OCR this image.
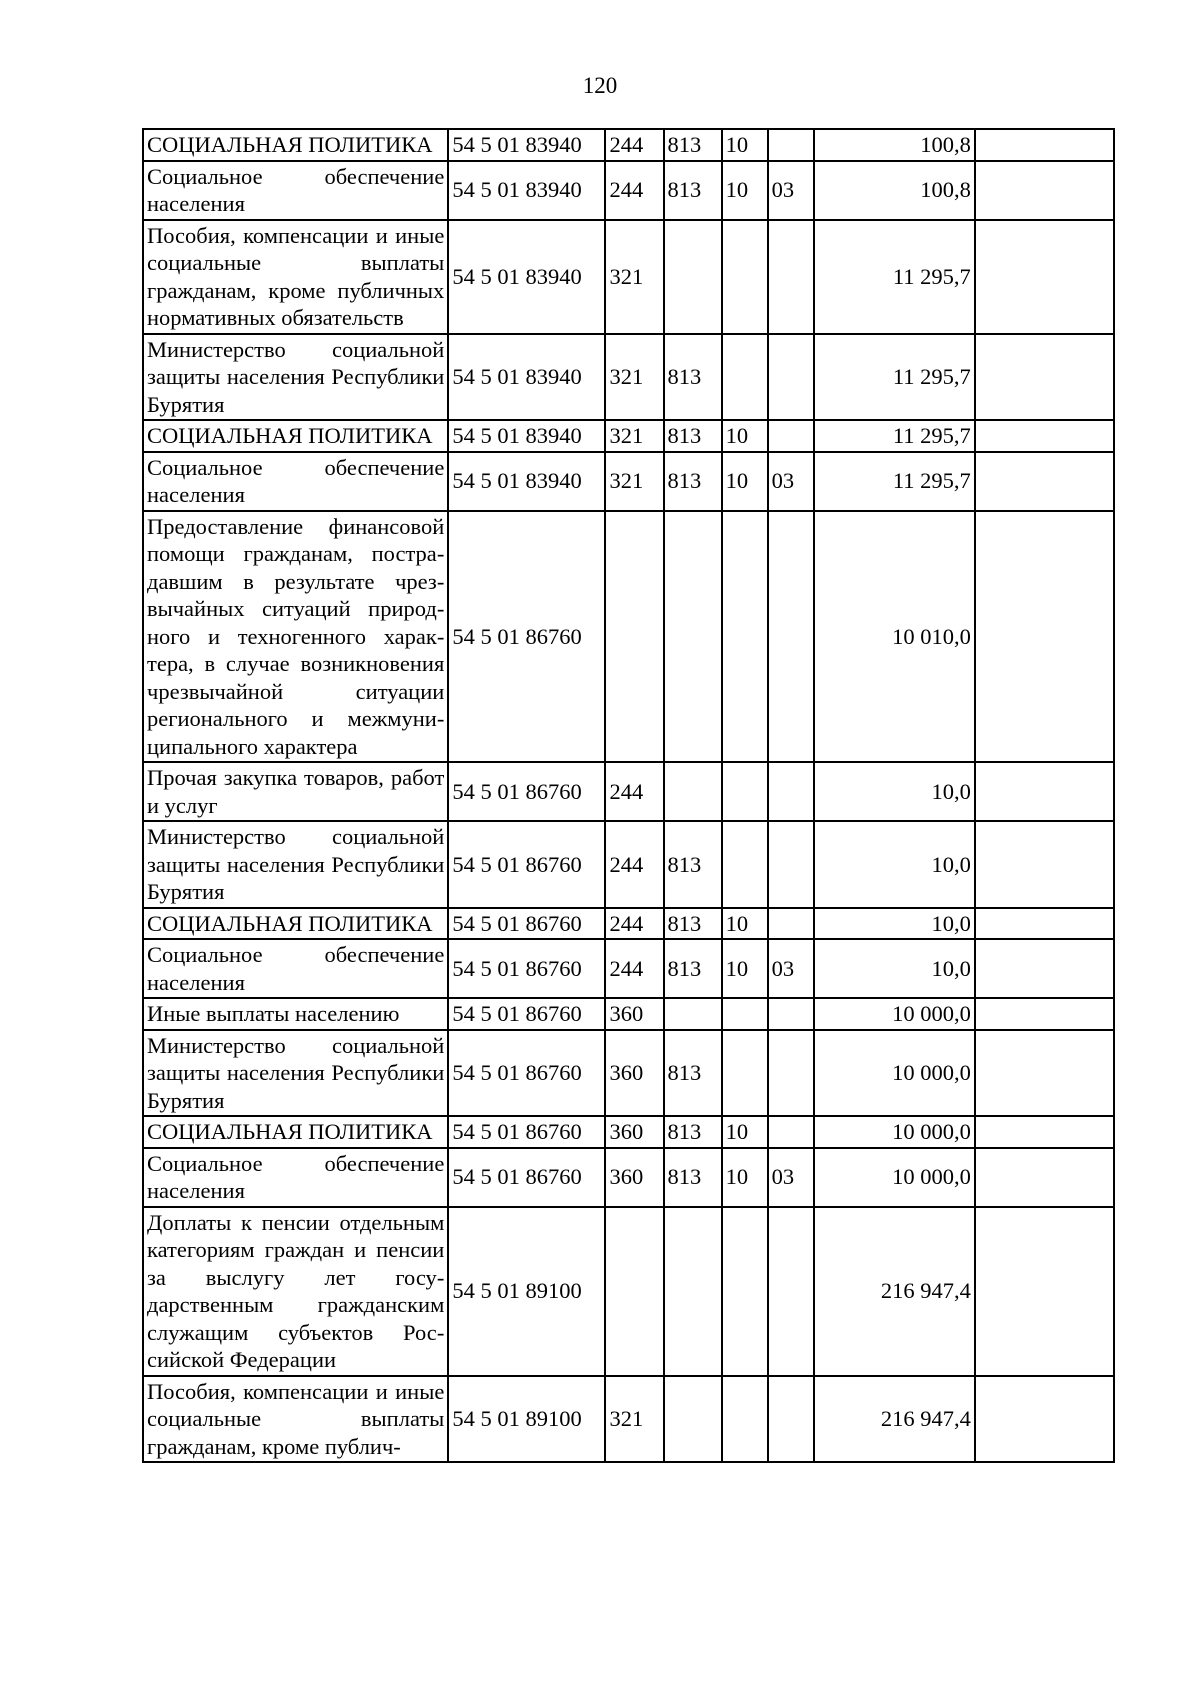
120
СОЦИАЛЬНАЯ ПОЛИТИКА	54 5 01 83940	244	813	10		100,8	
Социальное обеспечение населения	54 5 01 83940	244	813	10	03	100,8	
Пособия, компенсации и иные социальные выплаты гражданам, кроме публичных нормативных обязательств	54 5 01 83940	321				11 295,7	
Министерство социальной защиты населения Республики Бурятия	54 5 01 83940	321	813			11 295,7	
СОЦИАЛЬНАЯ ПОЛИТИКА	54 5 01 83940	321	813	10		11 295,7	
Социальное обеспечение населения	54 5 01 83940	321	813	10	03	11 295,7	
Предоставление финансовой помощи гражданам, пострадавшим в результате чрезвычайных ситуаций природного и техногенного характера, в случае возникновения чрезвычайной ситуации регионального и межмуниципального характера	54 5 01 86760					10 010,0	
Прочая закупка товаров, работ и услуг	54 5 01 86760	244				10,0	
Министерство социальной защиты населения Республики Бурятия	54 5 01 86760	244	813			10,0	
СОЦИАЛЬНАЯ ПОЛИТИКА	54 5 01 86760	244	813	10		10,0	
Социальное обеспечение населения	54 5 01 86760	244	813	10	03	10,0	
Иные выплаты населению	54 5 01 86760	360				10 000,0	
Министерство социальной защиты населения Республики Бурятия	54 5 01 86760	360	813			10 000,0	
СОЦИАЛЬНАЯ ПОЛИТИКА	54 5 01 86760	360	813	10		10 000,0	
Социальное обеспечение населения	54 5 01 86760	360	813	10	03	10 000,0	
Доплаты к пенсии отдельным категориям граждан и пенсии за выслугу лет государственным гражданским служащим субъектов Российской Федерации	54 5 01 89100					216 947,4	
Пособия, компенсации и иные социальные выплаты гражданам, кроме публич-	54 5 01 89100	321				216 947,4	
